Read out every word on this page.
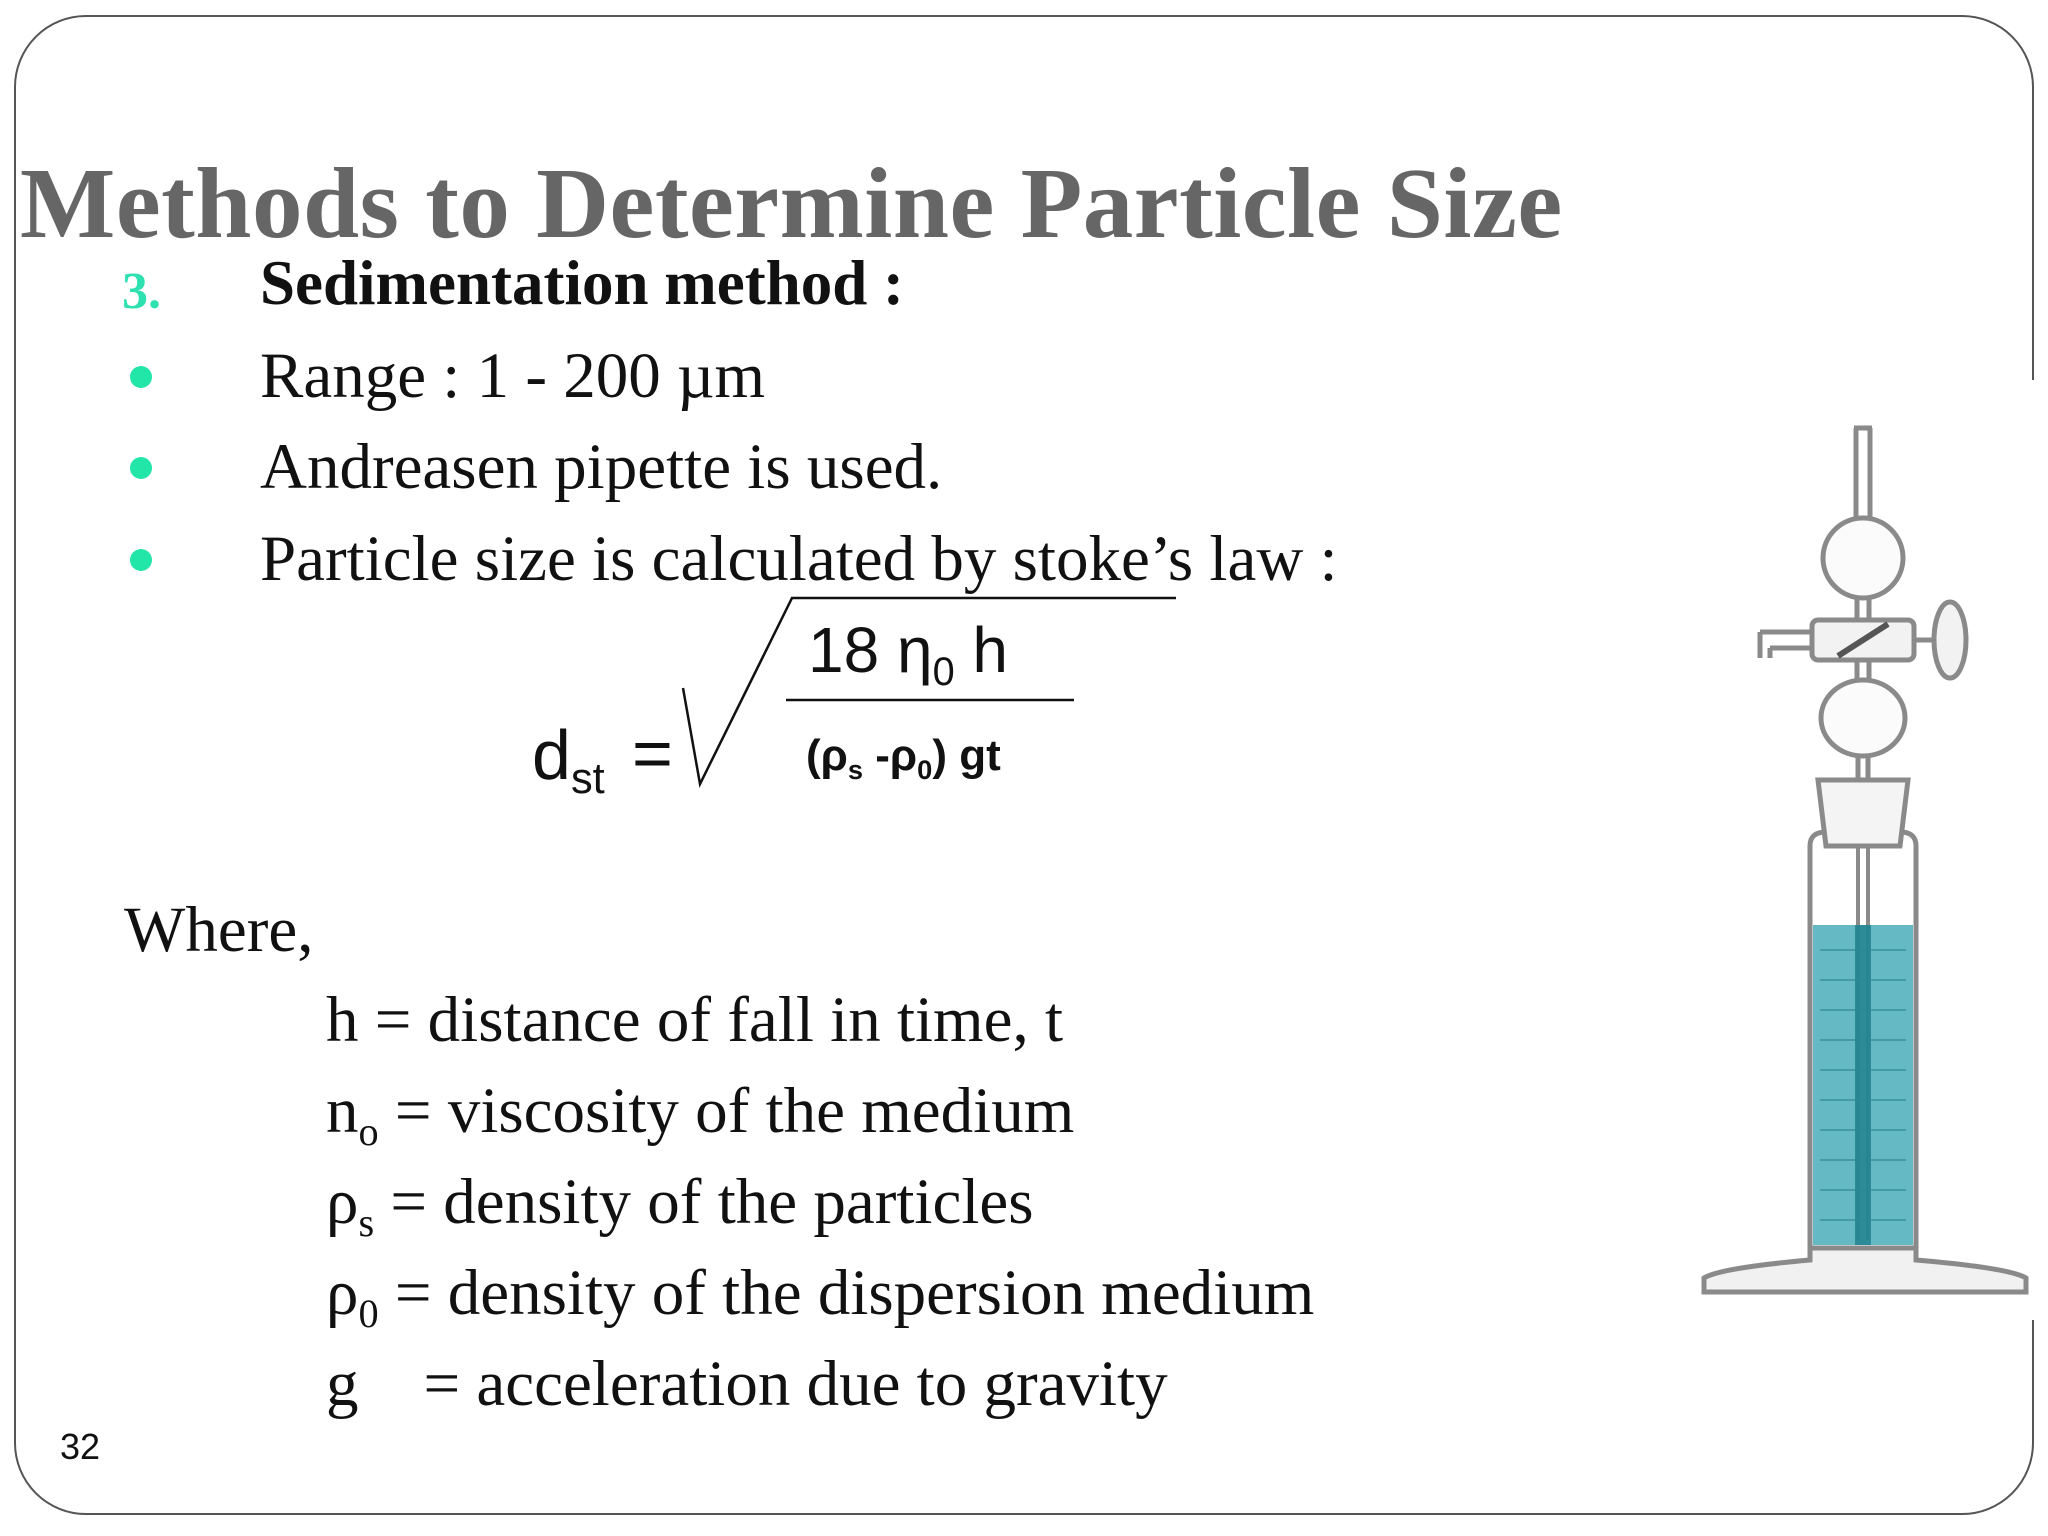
Methods to Determine Particle Size
3. Sedimentation method :
Range : 1 - 200 µm
Andreasen pipette is used.
Particle size is calculated by stoke’s law :
dst =
18 η0 h
(ρs -ρ0) gt
Where,
h = distance of fall in time, t
no = viscosity of the medium
ρs = density of the particles
ρ0 = density of the dispersion medium
g = acceleration due to gravity
32
